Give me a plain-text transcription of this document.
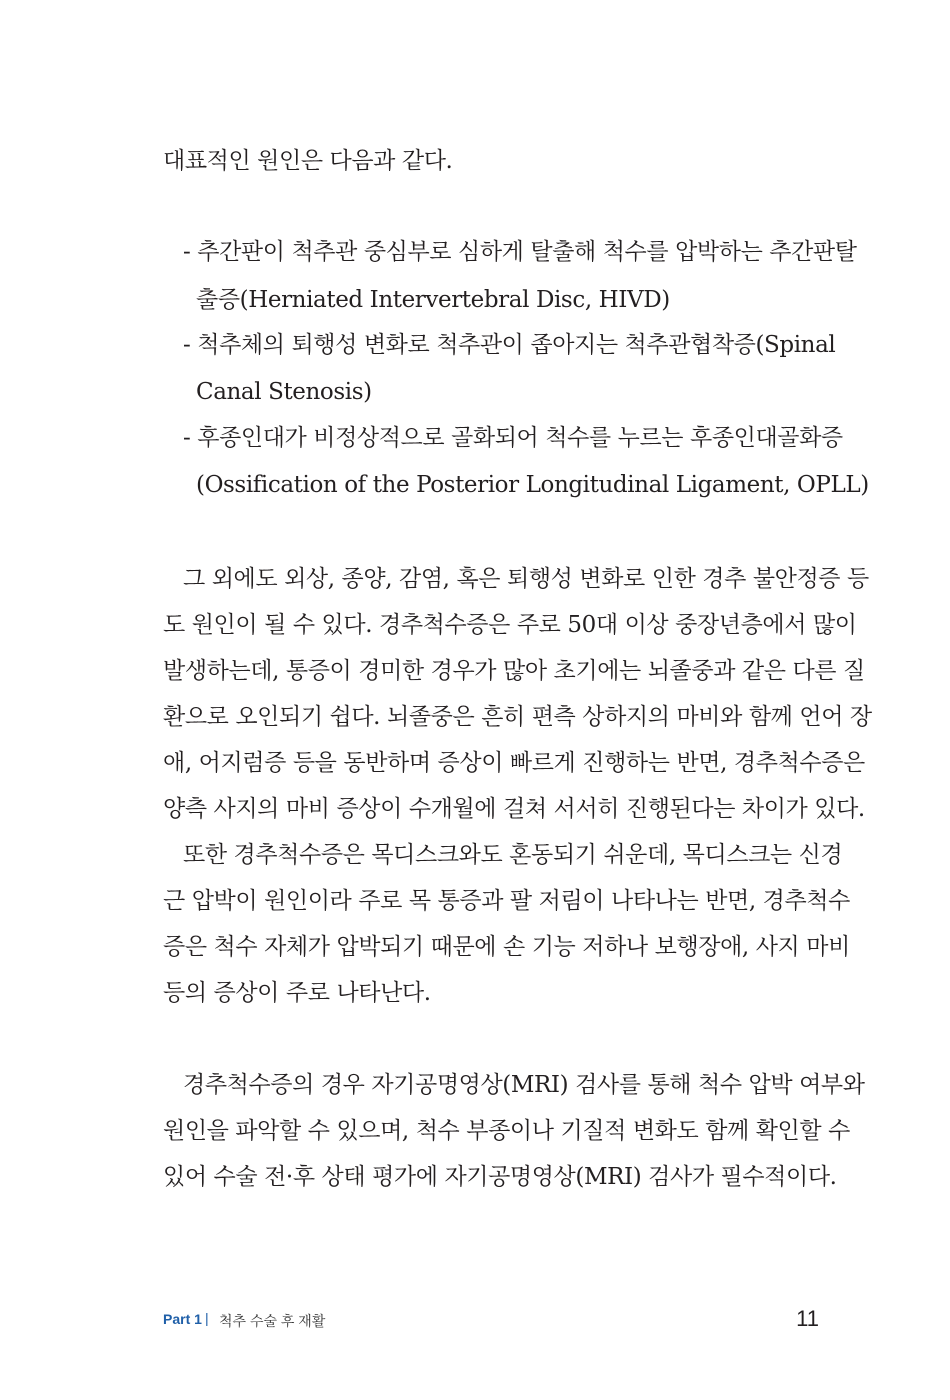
대표적인 원인은 다음과 같다.
- 추간판이 척추관 중심부로 심하게 탈출해 척수를 압박하는 추간판탈
출증(Herniated Intervertebral Disc, HIVD)
- 척추체의 퇴행성 변화로 척추관이 좁아지는 척추관협착증(Spinal
Canal Stenosis)
- 후종인대가 비정상적으로 골화되어 척수를 누르는 후종인대골화증
(Ossification of the Posterior Longitudinal Ligament, OPLL)
그 외에도 외상, 종양, 감염, 혹은 퇴행성 변화로 인한 경추 불안정증 등
도 원인이 될 수 있다. 경추척수증은 주로 50대 이상 중장년층에서 많이
발생하는데, 통증이 경미한 경우가 많아 초기에는 뇌졸중과 같은 다른 질
환으로 오인되기 쉽다. 뇌졸중은 흔히 편측 상하지의 마비와 함께 언어 장
애, 어지럼증 등을 동반하며 증상이 빠르게 진행하는 반면, 경추척수증은
양측 사지의 마비 증상이 수개월에 걸쳐 서서히 진행된다는 차이가 있다.
또한 경추척수증은 목디스크와도 혼동되기 쉬운데, 목디스크는 신경
근 압박이 원인이라 주로 목 통증과 팔 저림이 나타나는 반면, 경추척수
증은 척수 자체가 압박되기 때문에 손 기능 저하나 보행장애, 사지 마비
등의 증상이 주로 나타난다.
경추척수증의 경우 자기공명영상(MRI) 검사를 통해 척수 압박 여부와
원인을 파악할 수 있으며, 척수 부종이나 기질적 변화도 함께 확인할 수
있어 수술 전·후 상태 평가에 자기공명영상(MRI) 검사가 필수적이다.
Part 1 | 척추 수술 후 재활	11
